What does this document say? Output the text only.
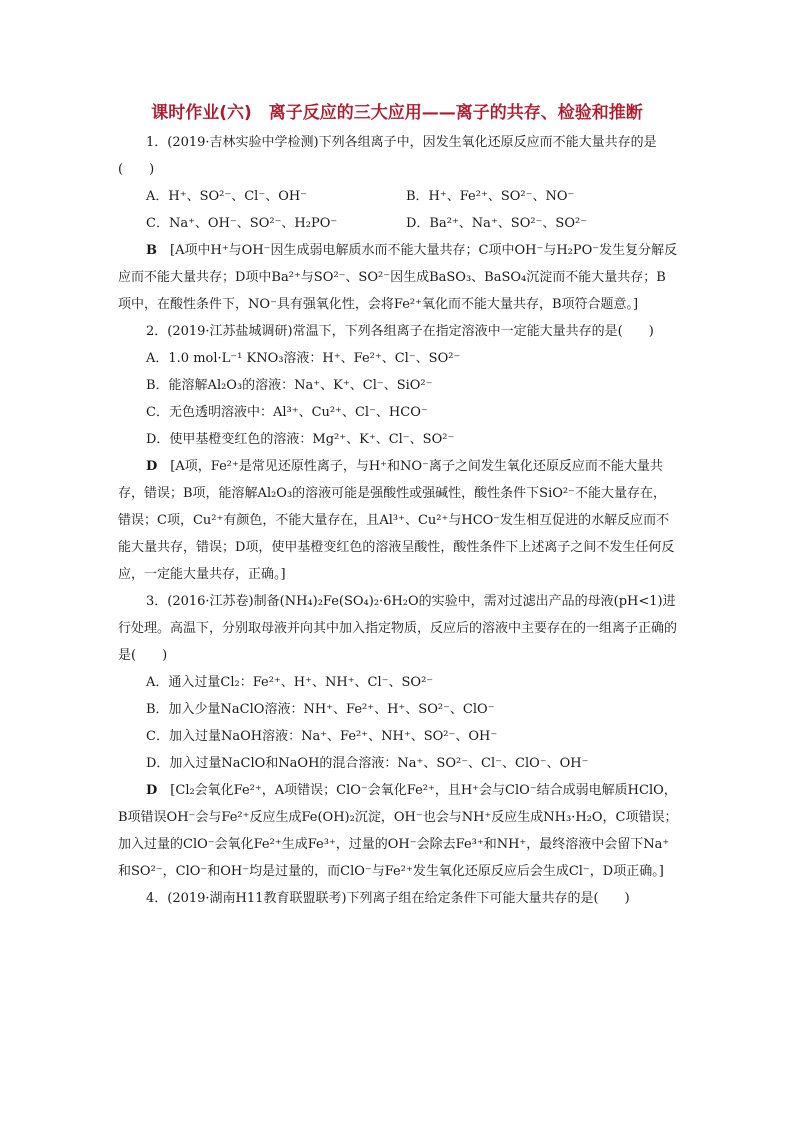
课时作业(六)　离子反应的三大应用——离子的共存、检验和推断

1．(2019·吉林实验中学检测)下列各组离子中，因发生氧化还原反应而不能大量共存的是(　　)

A．H⁺、SO²⁻、Cl⁻、OH⁻	B．H⁺、Fe²⁺、SO²⁻、NO⁻
C．Na⁺、OH⁻、SO²⁻、H₂PO⁻	D．Ba²⁺、Na⁺、SO²⁻、SO²⁻

B　 [A项中H⁺与OH⁻因生成弱电解质水而不能大量共存；C项中OH⁻与H₂PO⁻发生复分解反应而不能大量共存；D项中Ba²⁺与SO²⁻、SO²⁻因生成BaSO₃、BaSO₄沉淀而不能大量共存；B项中，在酸性条件下，NO⁻具有强氧化性，会将Fe²⁺氧化而不能大量共存，B项符合题意。]

2．(2019·江苏盐城调研)常温下，下列各组离子在指定溶液中一定能大量共存的是(　　)

A．1.0 mol·L⁻¹ KNO₃溶液：H⁺、Fe²⁺、Cl⁻、SO²⁻

B．能溶解Al₂O₃的溶液：Na⁺、K⁺、Cl⁻、SiO²⁻

C．无色透明溶液中：Al³⁺、Cu²⁺、Cl⁻、HCO⁻

D．使甲基橙变红色的溶液：Mg²⁺、K⁺、Cl⁻、SO²⁻

D　 [A项，Fe²⁺是常见还原性离子，与H⁺和NO⁻离子之间发生氧化还原反应而不能大量共存，错误；B项，能溶解Al₂O₃的溶液可能是强酸性或强碱性，酸性条件下SiO²⁻不能大量存在，错误；C项，Cu²⁺有颜色，不能大量存在，且Al³⁺、Cu²⁺与HCO⁻发生相互促进的水解反应而不能大量共存，错误；D项，使甲基橙变红色的溶液呈酸性，酸性条件下上述离子之间不发生任何反应，一定能大量共存，正确。]

3．(2016·江苏卷)制备(NH₄)₂Fe(SO₄)₂·6H₂O的实验中，需对过滤出产品的母液(pH<1)进行处理。高温下，分别取母液并向其中加入指定物质，反应后的溶液中主要存在的一组离子正确的是(　　)

A．通入过量Cl₂：Fe²⁺、H⁺、NH⁺、Cl⁻、SO²⁻

B．加入少量NaClO溶液：NH⁺、Fe²⁺、H⁺、SO²⁻、ClO⁻

C．加入过量NaOH溶液：Na⁺、Fe²⁺、NH⁺、SO²⁻、OH⁻

D．加入过量NaClO和NaOH的混合溶液：Na⁺、SO²⁻、Cl⁻、ClO⁻、OH⁻

D　 [Cl₂会氧化Fe²⁺，A项错误；ClO⁻会氧化Fe²⁺，且H⁺会与ClO⁻结合成弱电解质HClO，B项错误OH⁻会与Fe²⁺反应生成Fe(OH)₂沉淀，OH⁻也会与NH⁺反应生成NH₃·H₂O，C项错误；加入过量的ClO⁻会氧化Fe²⁺生成Fe³⁺，过量的OH⁻会除去Fe³⁺和NH⁺，最终溶液中会留下Na⁺和SO²⁻，ClO⁻和OH⁻均是过量的，而ClO⁻与Fe²⁺发生氧化还原反应后会生成Cl⁻，D项正确。]

4．(2019·湖南H11教育联盟联考)下列离子组在给定条件下可能大量共存的是(　　)
